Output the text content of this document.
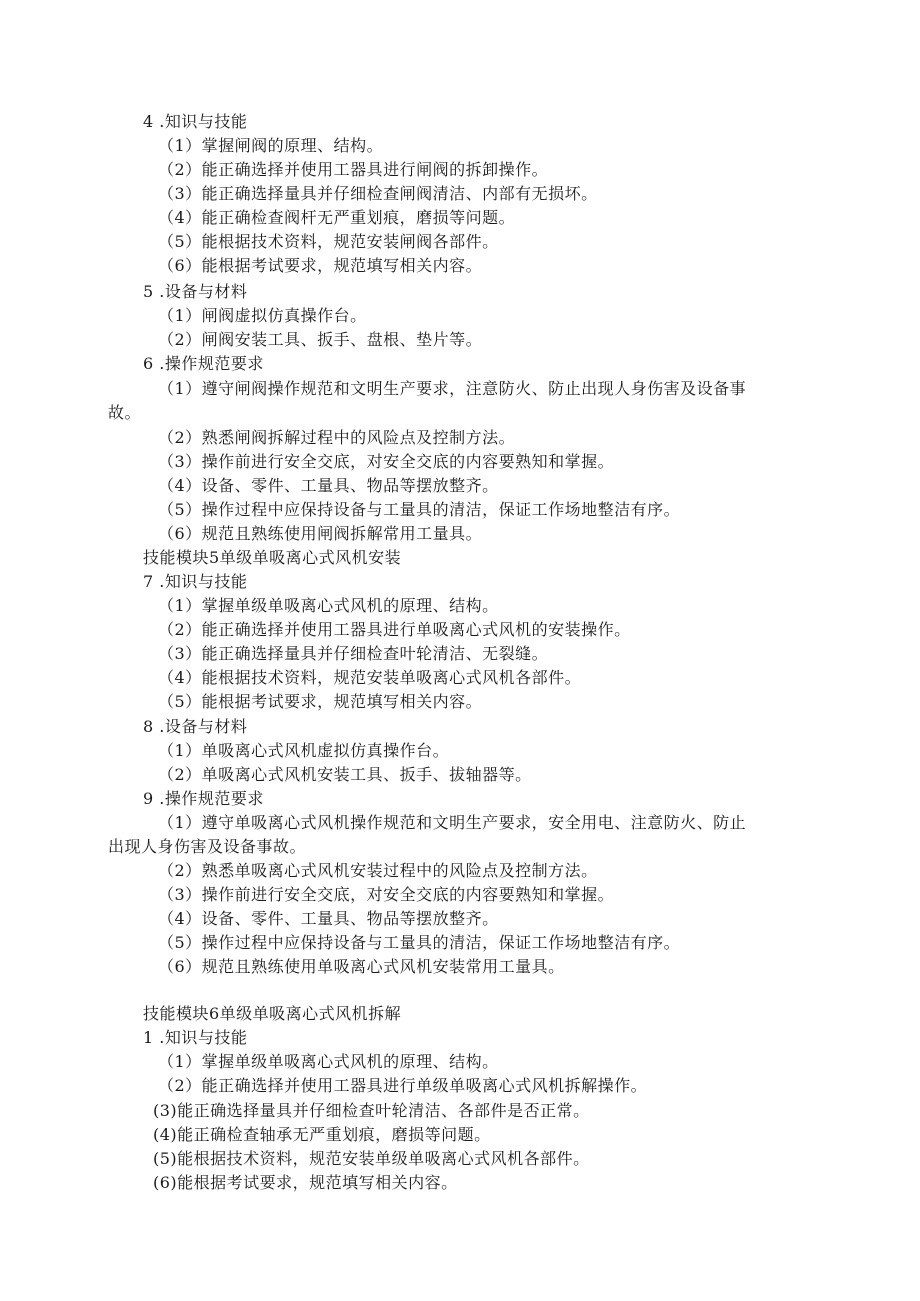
4 .知识与技能
（1）掌握闸阀的原理、结构。
（2）能正确选择并使用工器具进行闸阀的拆卸操作。
（3）能正确选择量具并仔细检查闸阀清洁、内部有无损坏。
（4）能正确检查阀杆无严重划痕，磨损等问题。
（5）能根据技术资料，规范安装闸阀各部件。
（6）能根据考试要求，规范填写相关内容。
5 .设备与材料
（1）闸阀虚拟仿真操作台。
（2）闸阀安装工具、扳手、盘根、垫片等。
6 .操作规范要求
（1）遵守闸阀操作规范和文明生产要求，注意防火、防止出现人身伤害及设备事
故。
（2）熟悉闸阀拆解过程中的风险点及控制方法。
（3）操作前进行安全交底，对安全交底的内容要熟知和掌握。
（4）设备、零件、工量具、物品等摆放整齐。
（5）操作过程中应保持设备与工量具的清洁，保证工作场地整洁有序。
（6）规范且熟练使用闸阀拆解常用工量具。
技能模块5单级单吸离心式风机安装
7 .知识与技能
（1）掌握单级单吸离心式风机的原理、结构。
（2）能正确选择并使用工器具进行单吸离心式风机的安装操作。
（3）能正确选择量具并仔细检查叶轮清洁、无裂缝。
（4）能根据技术资料，规范安装单吸离心式风机各部件。
（5）能根据考试要求，规范填写相关内容。
8 .设备与材料
（1）单吸离心式风机虚拟仿真操作台。
（2）单吸离心式风机安装工具、扳手、拔轴器等。
9 .操作规范要求
（1）遵守单吸离心式风机操作规范和文明生产要求，安全用电、注意防火、防止
出现人身伤害及设备事故。
（2）熟悉单吸离心式风机安装过程中的风险点及控制方法。
（3）操作前进行安全交底，对安全交底的内容要熟知和掌握。
（4）设备、零件、工量具、物品等摆放整齐。
（5）操作过程中应保持设备与工量具的清洁，保证工作场地整洁有序。
（6）规范且熟练使用单吸离心式风机安装常用工量具。
技能模块6单级单吸离心式风机拆解
1 .知识与技能
（1）掌握单级单吸离心式风机的原理、结构。
（2）能正确选择并使用工器具进行单级单吸离心式风机拆解操作。
(3)能正确选择量具并仔细检查叶轮清洁、各部件是否正常。
(4)能正确检查轴承无严重划痕，磨损等问题。
(5)能根据技术资料，规范安装单级单吸离心式风机各部件。
(6)能根据考试要求，规范填写相关内容。
